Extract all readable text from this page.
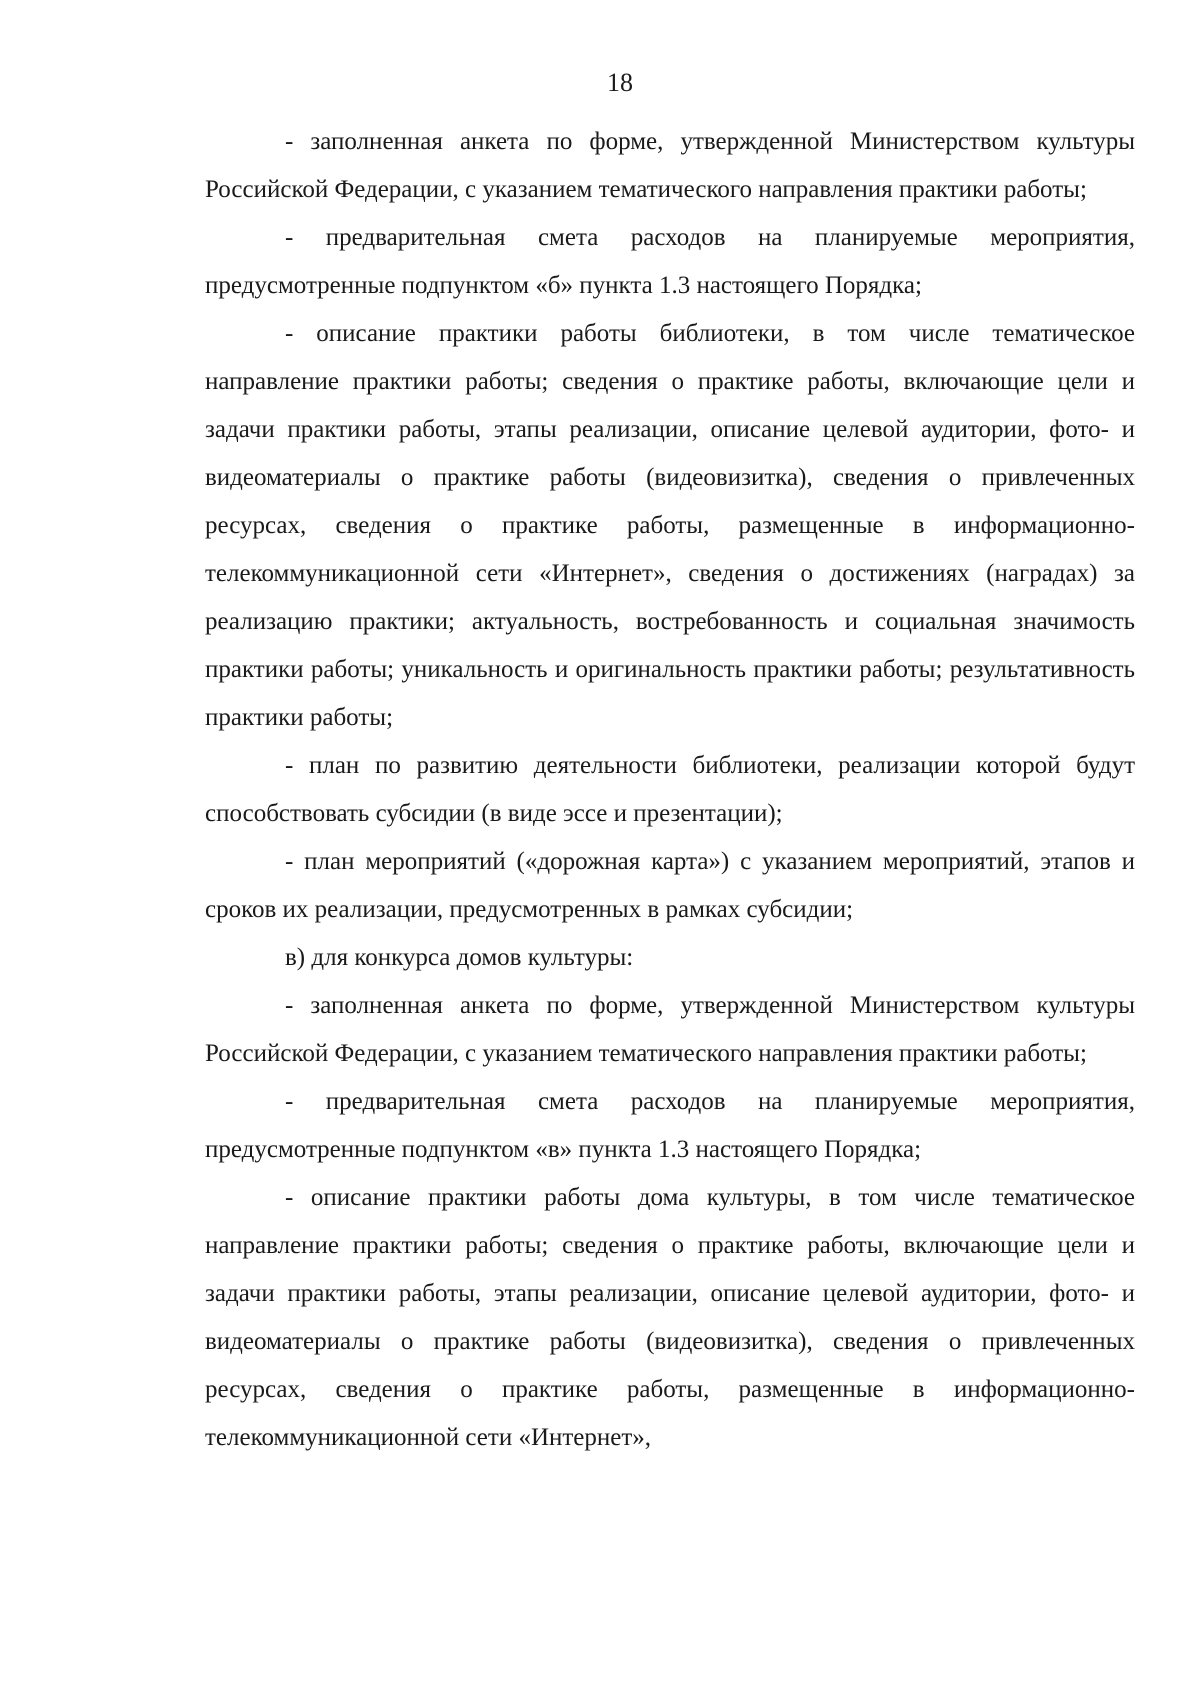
18

- заполненная анкета по форме, утвержденной Министерством культуры Российской Федерации, с указанием тематического направления практики работы;

- предварительная смета расходов на планируемые мероприятия, предусмотренные подпунктом «б» пункта 1.3 настоящего Порядка;

- описание практики работы библиотеки, в том числе тематическое направление практики работы; сведения о практике работы, включающие цели и задачи практики работы, этапы реализации, описание целевой аудитории, фото- и видеоматериалы о практике работы (видеовизитка), сведения о привлеченных ресурсах, сведения о практике работы, размещенные в информационно-телекоммуникационной сети «Интернет», сведения о достижениях (наградах) за реализацию практики; актуальность, востребованность и социальная значимость практики работы; уникальность и оригинальность практики работы; результативность практики работы;

- план по развитию деятельности библиотеки, реализации которой будут способствовать субсидии (в виде эссе и презентации);

- план мероприятий («дорожная карта») с указанием мероприятий, этапов и сроков их реализации, предусмотренных в рамках субсидии;

в) для конкурса домов культуры:

- заполненная анкета по форме, утвержденной Министерством культуры Российской Федерации, с указанием тематического направления практики работы;

- предварительная смета расходов на планируемые мероприятия, предусмотренные подпунктом «в» пункта 1.3 настоящего Порядка;

- описание практики работы дома культуры, в том числе тематическое направление практики работы; сведения о практике работы, включающие цели и задачи практики работы, этапы реализации, описание целевой аудитории, фото- и видеоматериалы о практике работы (видеовизитка), сведения о привлеченных ресурсах, сведения о практике работы, размещенные в информационно-телекоммуникационной сети «Интернет»,
